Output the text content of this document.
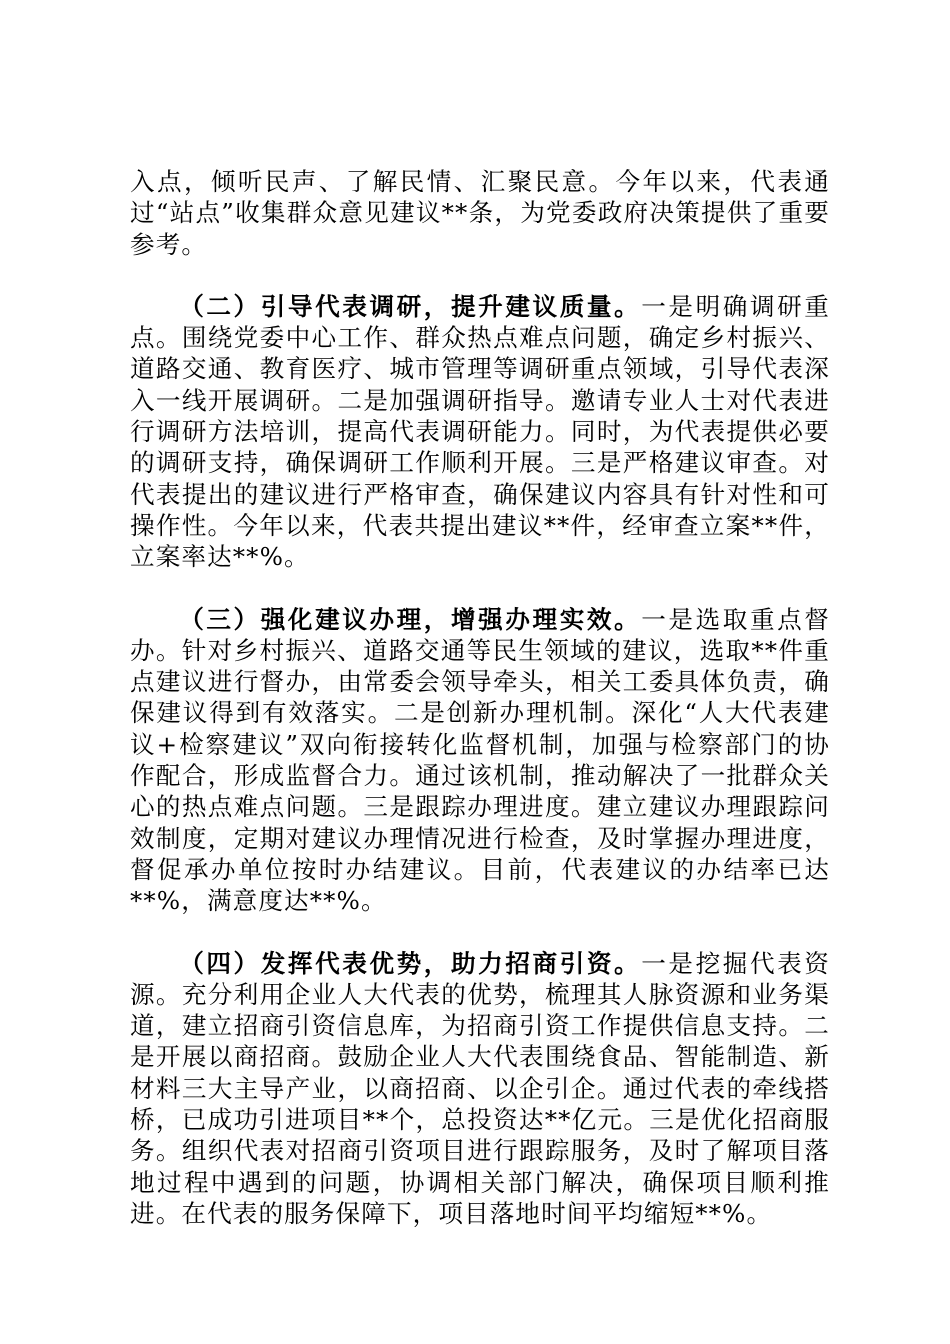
入点，倾听民声、了解民情、汇聚民意。今年以来，代表通过“站点”收集群众意见建议**条，为党委政府决策提供了重要参考。

（二）引导代表调研，提升建议质量。一是明确调研重点。围绕党委中心工作、群众热点难点问题，确定乡村振兴、道路交通、教育医疗、城市管理等调研重点领域，引导代表深入一线开展调研。二是加强调研指导。邀请专业人士对代表进行调研方法培训，提高代表调研能力。同时，为代表提供必要的调研支持，确保调研工作顺利开展。三是严格建议审查。对代表提出的建议进行严格审查，确保建议内容具有针对性和可操作性。今年以来，代表共提出建议**件，经审查立案**件，立案率达**%。

（三）强化建议办理，增强办理实效。一是选取重点督办。针对乡村振兴、道路交通等民生领域的建议，选取**件重点建议进行督办，由常委会领导牵头，相关工委具体负责，确保建议得到有效落实。二是创新办理机制。深化“人大代表建议+检察建议”双向衔接转化监督机制，加强与检察部门的协作配合，形成监督合力。通过该机制，推动解决了一批群众关心的热点难点问题。三是跟踪办理进度。建立建议办理跟踪问效制度，定期对建议办理情况进行检查，及时掌握办理进度，督促承办单位按时办结建议。目前，代表建议的办结率已达**%，满意度达**%。

（四）发挥代表优势，助力招商引资。一是挖掘代表资源。充分利用企业人大代表的优势，梳理其人脉资源和业务渠道，建立招商引资信息库，为招商引资工作提供信息支持。二是开展以商招商。鼓励企业人大代表围绕食品、智能制造、新材料三大主导产业，以商招商、以企引企。通过代表的牵线搭桥，已成功引进项目**个，总投资达**亿元。三是优化招商服务。组织代表对招商引资项目进行跟踪服务，及时了解项目落地过程中遇到的问题，协调相关部门解决，确保项目顺利推进。在代表的服务保障下，项目落地时间平均缩短**%。
